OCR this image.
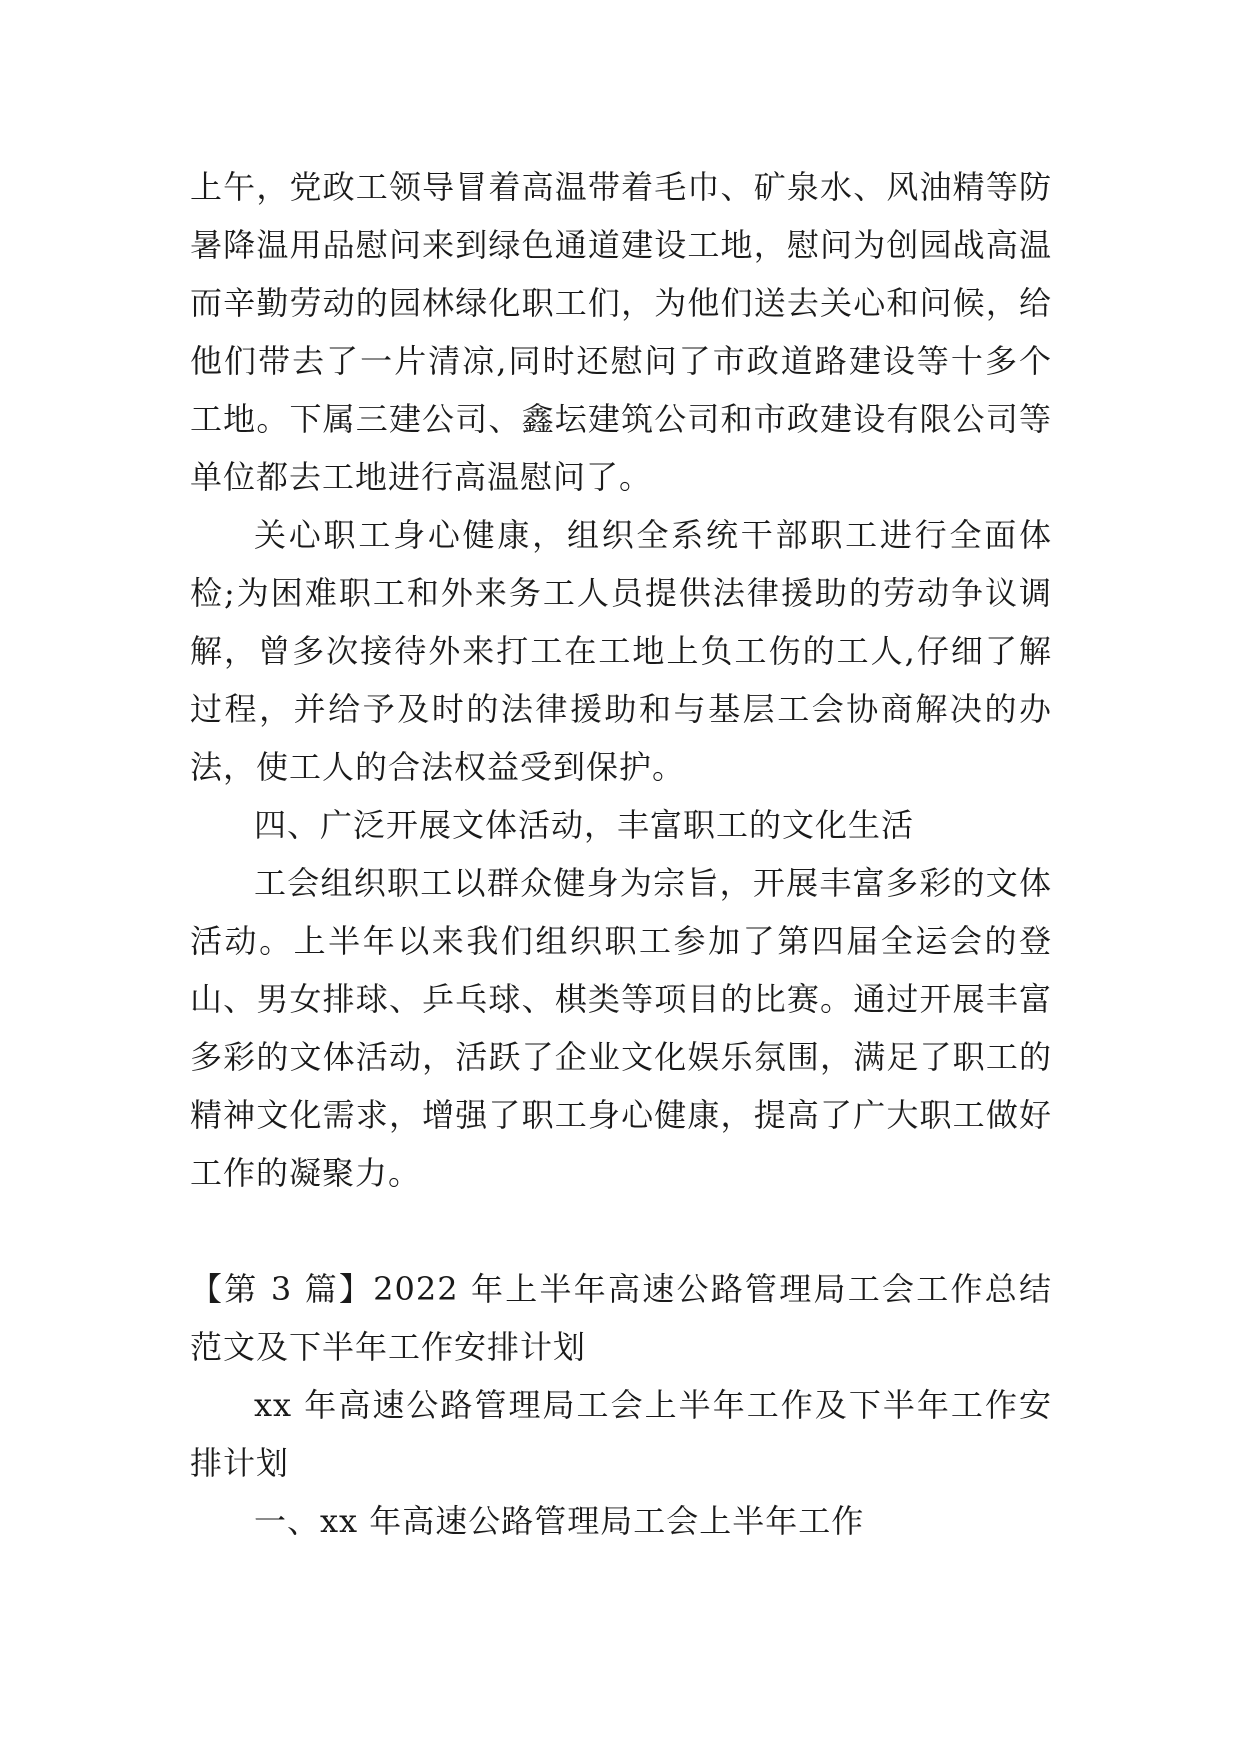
上午，党政工领导冒着高温带着毛巾、矿泉水、风油精等防暑降温用品慰问来到绿色通道建设工地，慰问为创园战高温而辛勤劳动的园林绿化职工们，为他们送去关心和问候，给他们带去了一片清凉,同时还慰问了市政道路建设等十多个工地。下属三建公司、鑫坛建筑公司和市政建设有限公司等单位都去工地进行高温慰问了。

关心职工身心健康，组织全系统干部职工进行全面体检;为困难职工和外来务工人员提供法律援助的劳动争议调解，曾多次接待外来打工在工地上负工伤的工人,仔细了解过程，并给予及时的法律援助和与基层工会协商解决的办法，使工人的合法权益受到保护。

四、广泛开展文体活动，丰富职工的文化生活

工会组织职工以群众健身为宗旨，开展丰富多彩的文体活动。上半年以来我们组织职工参加了第四届全运会的登山、男女排球、乒乓球、棋类等项目的比赛。通过开展丰富多彩的文体活动，活跃了企业文化娱乐氛围，满足了职工的精神文化需求，增强了职工身心健康，提高了广大职工做好工作的凝聚力。

【第 3 篇】2022 年上半年高速公路管理局工会工作总结范文及下半年工作安排计划

xx 年高速公路管理局工会上半年工作及下半年工作安排计划

一、xx 年高速公路管理局工会上半年工作
